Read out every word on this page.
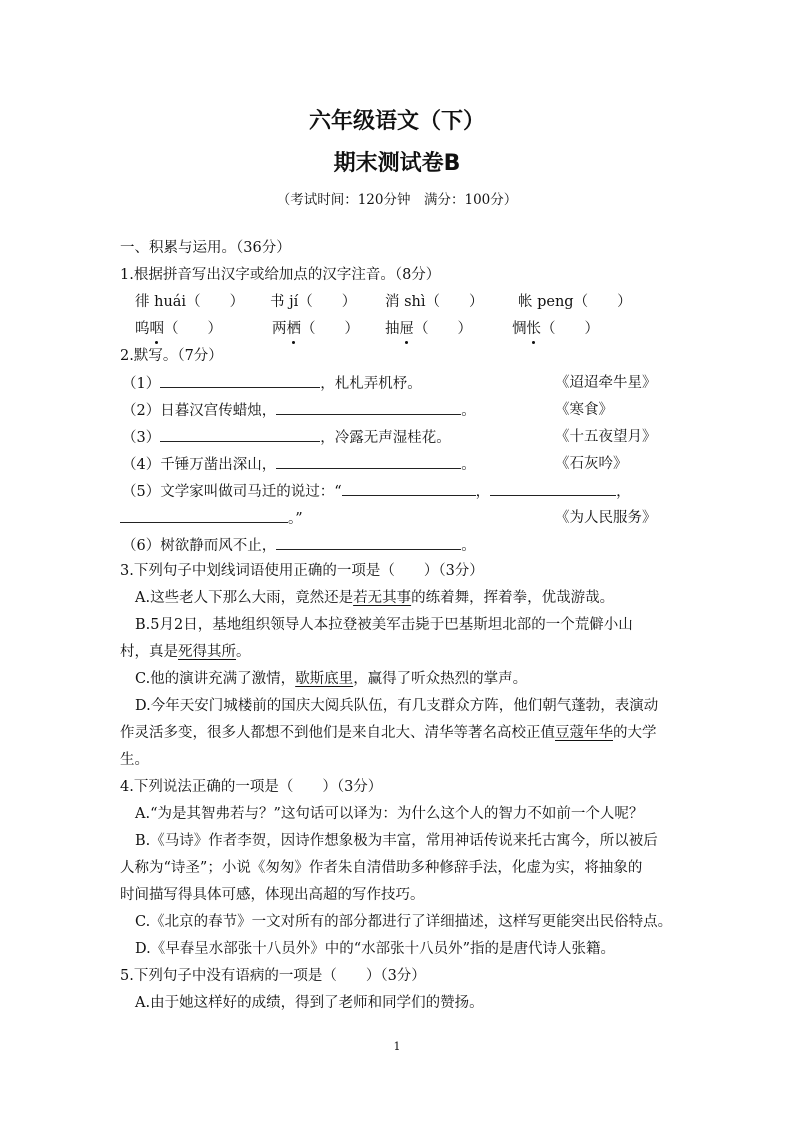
六年级语文（下）
期末测试卷B
（考试时间：120分钟　满分：100分）
一、积累与运用。（36分）
1.根据拼音写出汉字或给加点的汉字注音。（8分）
徘 huái（　　） 书 jí（　　） 消 shì（　　） 帐 peng（　　）
呜咽（　　）	两栖（　　） 抽屉（　　）	惆怅（　　）
2.默写。（7分）
（1）	，札札弄机杼。	《迢迢牵牛星》
（2）日暮汉宫传蜡烛，	。	《寒食》
（3）	，冷露无声湿桂花。	《十五夜望月》
（4）千锤万凿出深山，	。	《石灰吟》
（5）文学家叫做司马迁的说过：“	，	，
。”	《为人民服务》
（6）树欲静而风不止，	。
3.下列句子中划线词语使用正确的一项是（　　）（3分）
A.这些老人下那么大雨，竟然还是若无其事的练着舞，挥着拳，优哉游哉。
B.5月2日，基地组织领导人本拉登被美军击毙于巴基斯坦北部的一个荒僻小山
村，真是死得其所。
C.他的演讲充满了激情，歇斯底里，赢得了听众热烈的掌声。
D.今年天安门城楼前的国庆大阅兵队伍，有几支群众方阵，他们朝气蓬勃，表演动
作灵活多变，很多人都想不到他们是来自北大、清华等著名高校正值豆蔻年华的大学
生。
4.下列说法正确的一项是（　　）（3分）
A.“为是其智弗若与？”这句话可以译为：为什么这个人的智力不如前一个人呢？
B.《马诗》作者李贺，因诗作想象极为丰富，常用神话传说来托古寓今，所以被后
人称为“诗圣”；小说《匆匆》作者朱自清借助多种修辞手法，化虚为实，将抽象的
时间描写得具体可感，体现出高超的写作技巧。
C.《北京的春节》一文对所有的部分都进行了详细描述，这样写更能突出民俗特点。
D.《早春呈水部张十八员外》中的“水部张十八员外”指的是唐代诗人张籍。
5.下列句子中没有语病的一项是（　　）（3分）
A.由于她这样好的成绩，得到了老师和同学们的赞扬。
1
